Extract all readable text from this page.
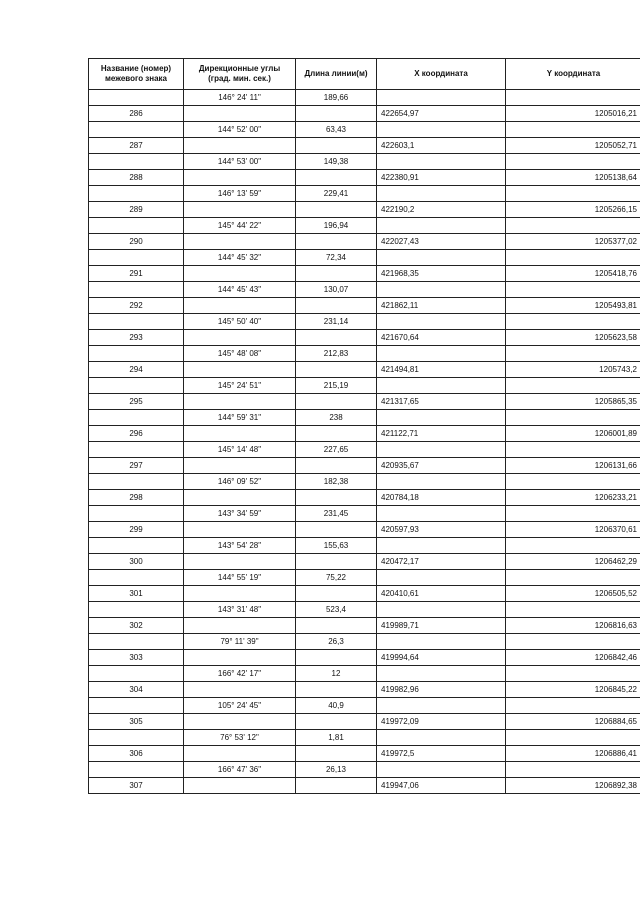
Название (номер) межевого знака	Дирекционные углы (град. мин. сек.)	Длина линии(м)	X координата	Y координата
	146° 24' 11"	189,66		
286			422654,97	1205016,21
	144° 52' 00"	63,43		
287			422603,1	1205052,71
	144° 53' 00"	149,38		
288			422380,91	1205138,64
	146° 13' 59"	229,41		
289			422190,2	1205266,15
	145° 44' 22"	196,94		
290			422027,43	1205377,02
	144° 45' 32"	72,34		
291			421968,35	1205418,76
	144° 45' 43"	130,07		
292			421862,11	1205493,81
	145° 50' 40"	231,14		
293			421670,64	1205623,58
	145° 48' 08"	212,83		
294			421494,81	1205743,2
	145° 24' 51"	215,19		
295			421317,65	1205865,35
	144° 59' 31"	238		
296			421122,71	1206001,89
	145° 14' 48"	227,65		
297			420935,67	1206131,66
	146° 09' 52"	182,38		
298			420784,18	1206233,21
	143° 34' 59"	231,45		
299			420597,93	1206370,61
	143° 54' 28"	155,63		
300			420472,17	1206462,29
	144° 55' 19"	75,22		
301			420410,61	1206505,52
	143° 31' 48"	523,4		
302			419989,71	1206816,63
	79° 11' 39"	26,3		
303			419994,64	1206842,46
	166° 42' 17"	12		
304			419982,96	1206845,22
	105° 24' 45"	40,9		
305			419972,09	1206884,65
	76° 53' 12"	1,81		
306			419972,5	1206886,41
	166° 47' 36"	26,13		
307			419947,06	1206892,38
